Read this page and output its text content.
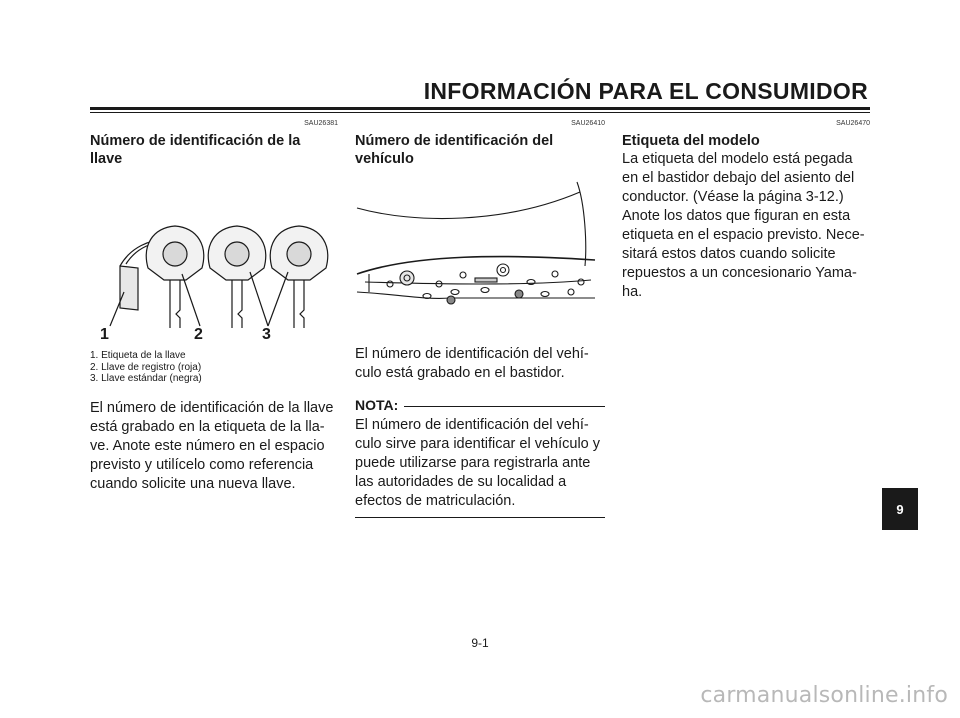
INFORMACIÓN PARA EL CONSUMIDOR
SAU26381
Número de identificación de la
llave
1	2	3
1. Etiqueta de la llave
2. Llave de registro (roja)
3. Llave estándar (negra)
El número de identificación de la llave
está grabado en la etiqueta de la lla-
ve. Anote este número en el espacio
previsto y utilícelo como referencia
cuando solicite una nueva llave.
SAU26410
Número de identificación del
vehículo
El número de identificación del vehí-
culo está grabado en el bastidor.
NOTA:
El número de identificación del vehí-
culo sirve para identificar el vehículo y
puede utilizarse para registrarla ante
las autoridades de su localidad a
efectos de matriculación.
SAU26470
Etiqueta del modelo
La etiqueta del modelo está pegada
en el bastidor debajo del asiento del
conductor. (Véase la página 3-12.)
Anote los datos que figuran en esta
etiqueta en el espacio previsto. Nece-
sitará estos datos cuando solicite
repuestos a un concesionario Yama-
ha.
9
9-1
carmanualsonline.info
